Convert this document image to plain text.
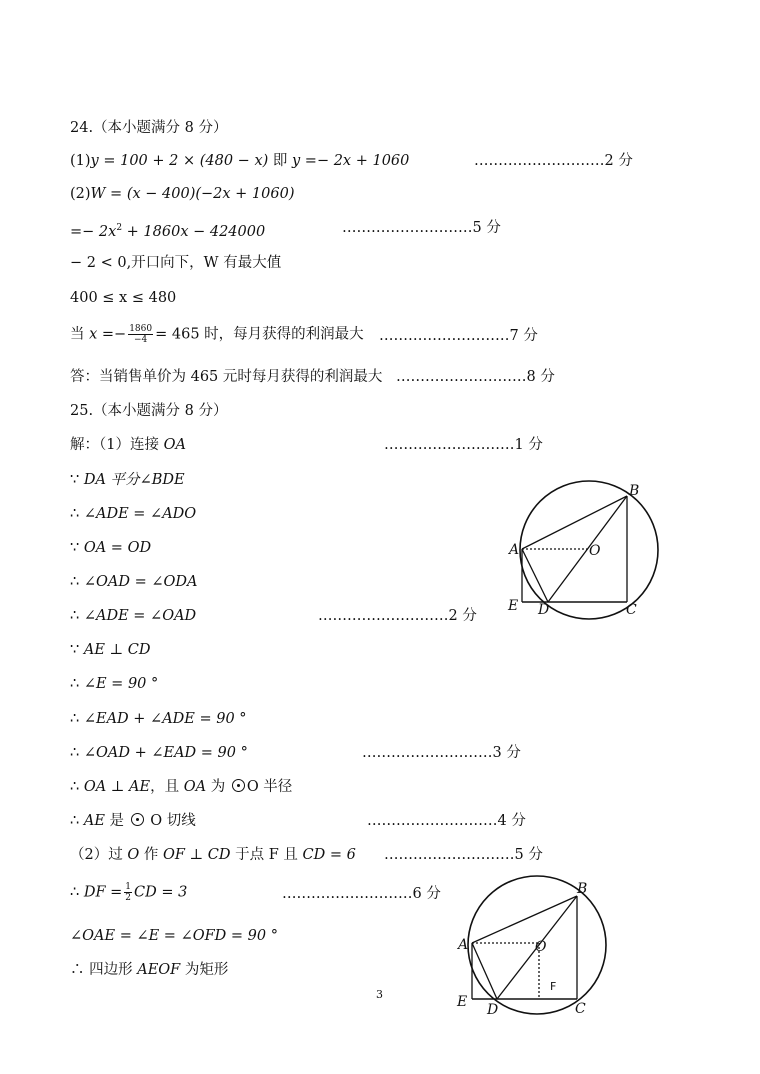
24.（本小题满分 8 分）
(1)y = 100 + 2 × (480 − x) 即 y =− 2x + 1060	………………………2 分
(2)W = (x − 400)(−2x + 1060)
=− $2x^2 + 1860x - 424000$	………………………5 分
− 2 < 0,开口向下，W 有最大值
400 ≤ x ≤ 480
当 $x =- \frac{1860}{-4} = 465$ 时，每月获得的利润最大 ………………………7 分
答：当销售单价为 465 元时每月获得的利润最大 ………………………8 分
25.（本小题满分 8 分）
解：（1）连接 OA	………………………1 分
∵ DA 平分∠BDE
∴ ∠ADE = ∠ADO
∵ OA = OD
∴ ∠OAD = ∠ODA
∴ ∠ADE = ∠OAD	………………………2 分
∵ AE ⊥ CD
∴ ∠E = 90 °
∴ ∠EAD + ∠ADE = 90 °
∴ ∠OAD + ∠EAD = 90 °	………………………3 分
∴ OA ⊥ AE，且 OA 为 O 半径
∴ AE 是  O 切线	………………………4 分
（2）过 O 作 OF ⊥ CD 于点 F 且 CD = 6 ………………………5 分
∴ DF = $\frac{1}{2}$ CD = 3	………………………6 分
∠OAE = ∠E = ∠OFD = 90 °
∴ 四边形 AEOF 为矩形
A
B
O
E D	C
A
B
O
E D	C
F
3
